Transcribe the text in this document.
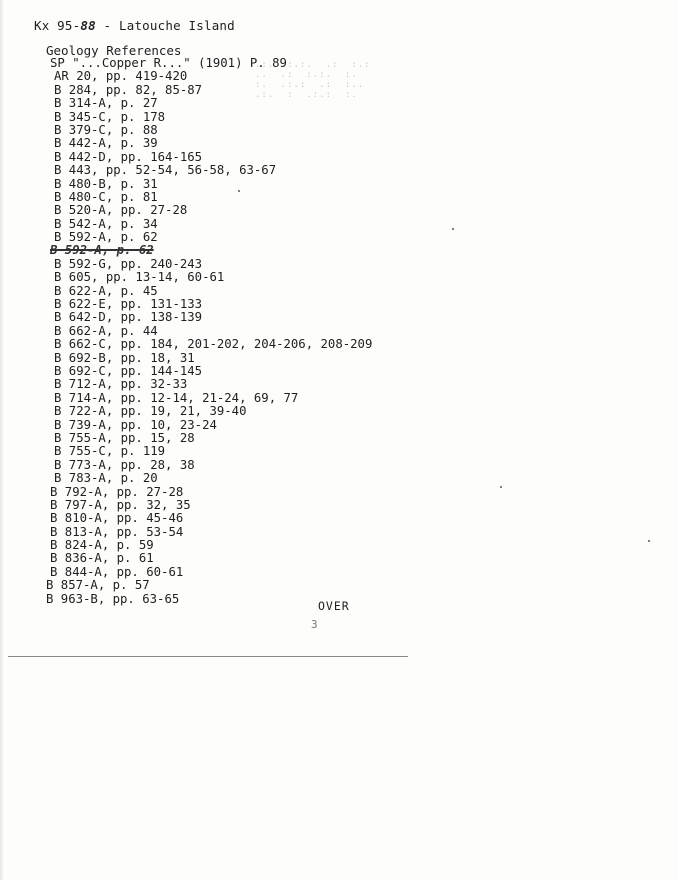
Kx 95-88 - Latouche Island
Geology References
.:.  :.:.  .:  :.:
..  .:  :.:.  :.
:.  .:.:  .:  :..
.:.  :  .:.:  :.
SP "...Copper R..." (1901) P. 89
AR 20, pp. 419-420
B 284, pp. 82, 85-87
B 314-A, p. 27
B 345-C, p. 178
B 379-C, p. 88
B 442-A, p. 39
B 442-D, pp. 164-165
B 443, pp. 52-54, 56-58, 63-67
B 480-B, p. 31
B 480-C, p. 81
B 520-A, pp. 27-28
B 542-A, p. 34
B 592-A, p. 62
B 592-A, p. 62
B 592-G, pp. 240-243
B 605, pp. 13-14, 60-61
B 622-A, p. 45
B 622-E, pp. 131-133
B 642-D, pp. 138-139
B 662-A, p. 44
B 662-C, pp. 184, 201-202, 204-206, 208-209
B 692-B, pp. 18, 31
B 692-C, pp. 144-145
B 712-A, pp. 32-33
B 714-A, pp. 12-14, 21-24, 69, 77
B 722-A, pp. 19, 21, 39-40
B 739-A, pp. 10, 23-24
B 755-A, pp. 15, 28
B 755-C, p. 119
B 773-A, pp. 28, 38
B 783-A, p. 20
B 792-A, pp. 27-28
B 797-A, pp. 32, 35
B 810-A, pp. 45-46
B 813-A, pp. 53-54
B 824-A, p. 59
B 836-A, p. 61
B 844-A, pp. 60-61
B 857-A, p. 57
B 963-B, pp. 63-65
OVER
3
